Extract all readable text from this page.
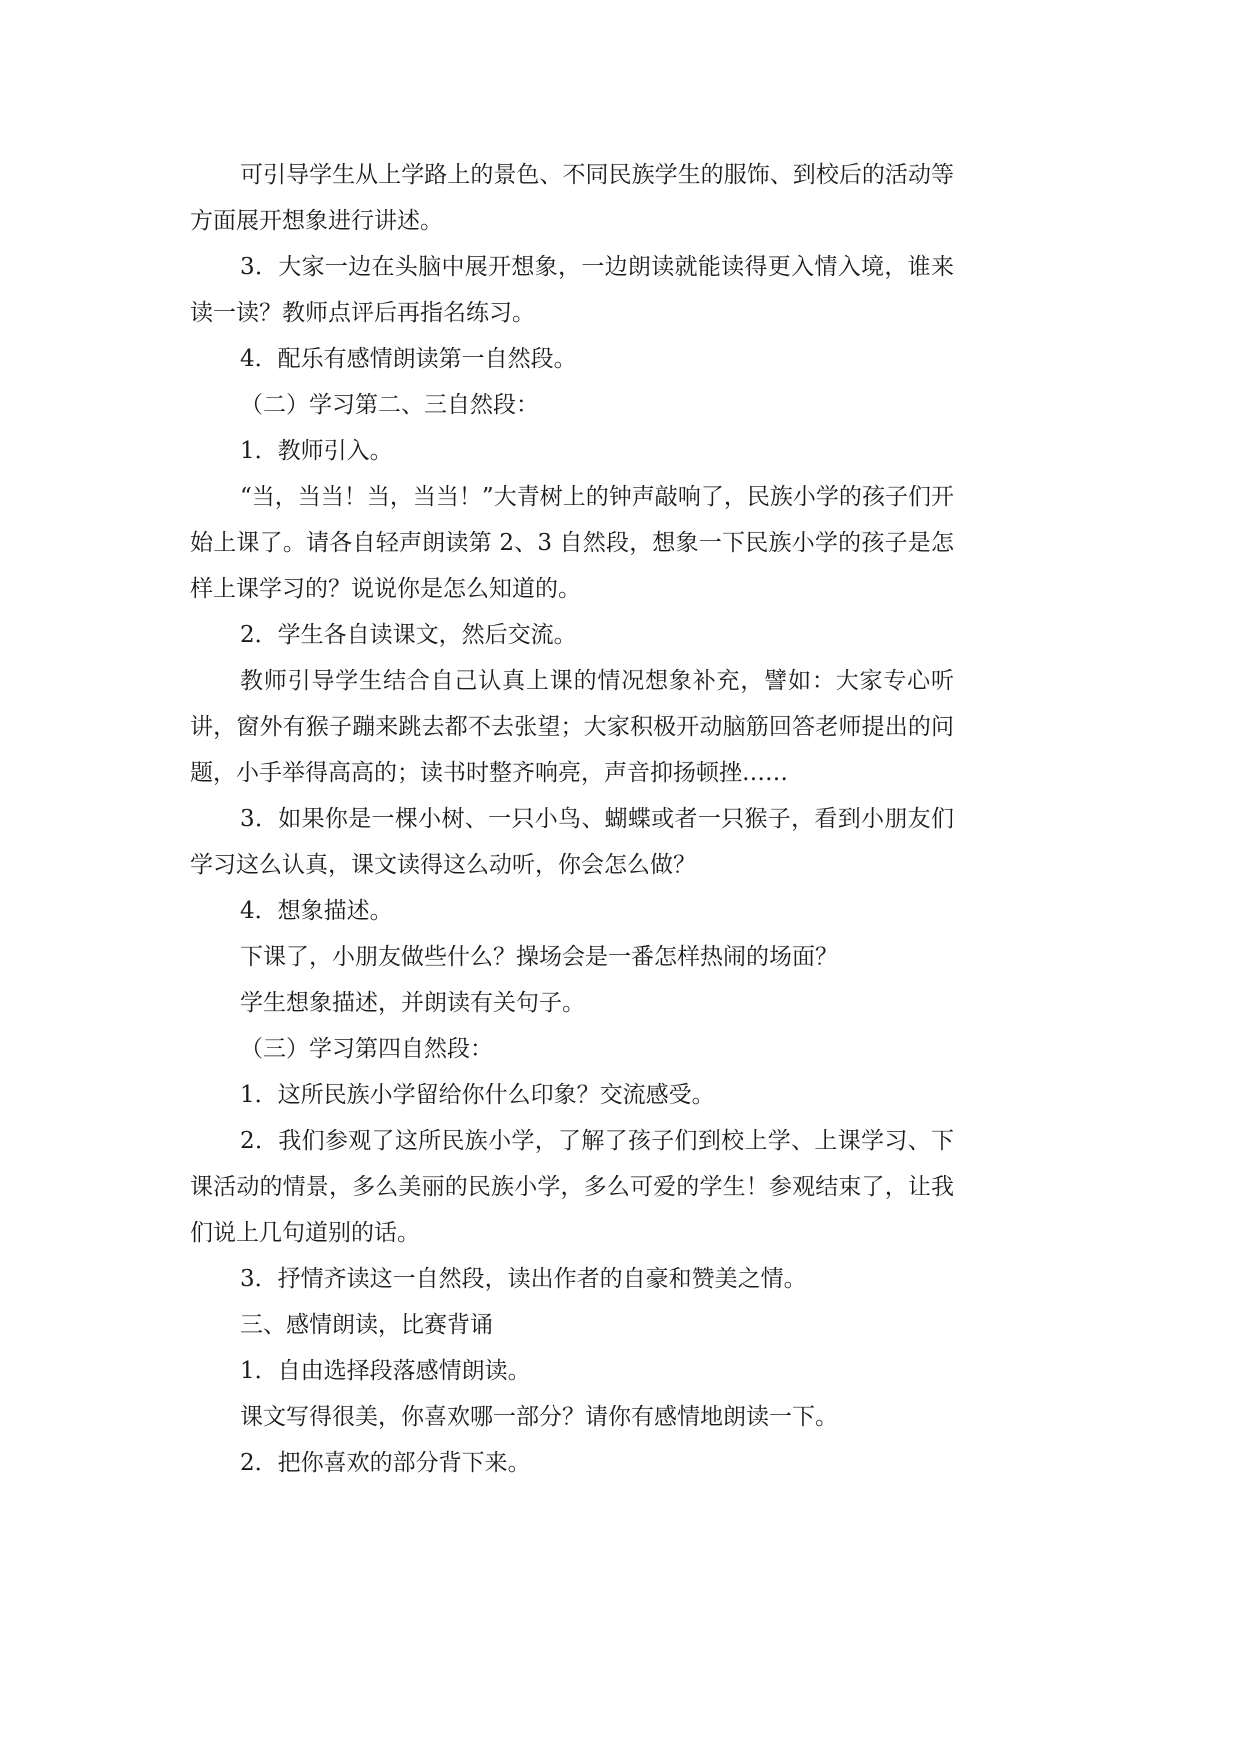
可引导学生从上学路上的景色、不同民族学生的服饰、到校后的活动等方面展开想象进行讲述。

3．大家一边在头脑中展开想象，一边朗读就能读得更入情入境，谁来读一读？教师点评后再指名练习。

4．配乐有感情朗读第一自然段。

（二）学习第二、三自然段：

1．教师引入。

“当，当当！当，当当！”大青树上的钟声敲响了，民族小学的孩子们开始上课了。请各自轻声朗读第 2、3 自然段，想象一下民族小学的孩子是怎样上课学习的？说说你是怎么知道的。

2．学生各自读课文，然后交流。

教师引导学生结合自己认真上课的情况想象补充，譬如：大家专心听讲，窗外有猴子蹦来跳去都不去张望；大家积极开动脑筋回答老师提出的问题，小手举得高高的；读书时整齐响亮，声音抑扬顿挫……

3．如果你是一棵小树、一只小鸟、蝴蝶或者一只猴子，看到小朋友们学习这么认真，课文读得这么动听，你会怎么做？

4．想象描述。

下课了，小朋友做些什么？操场会是一番怎样热闹的场面？

学生想象描述，并朗读有关句子。

（三）学习第四自然段：

1．这所民族小学留给你什么印象？交流感受。

2．我们参观了这所民族小学，了解了孩子们到校上学、上课学习、下课活动的情景，多么美丽的民族小学，多么可爱的学生！参观结束了，让我们说上几句道别的话。

3．抒情齐读这一自然段，读出作者的自豪和赞美之情。

三、感情朗读，比赛背诵

1．自由选择段落感情朗读。

课文写得很美，你喜欢哪一部分？请你有感情地朗读一下。

2．把你喜欢的部分背下来。
